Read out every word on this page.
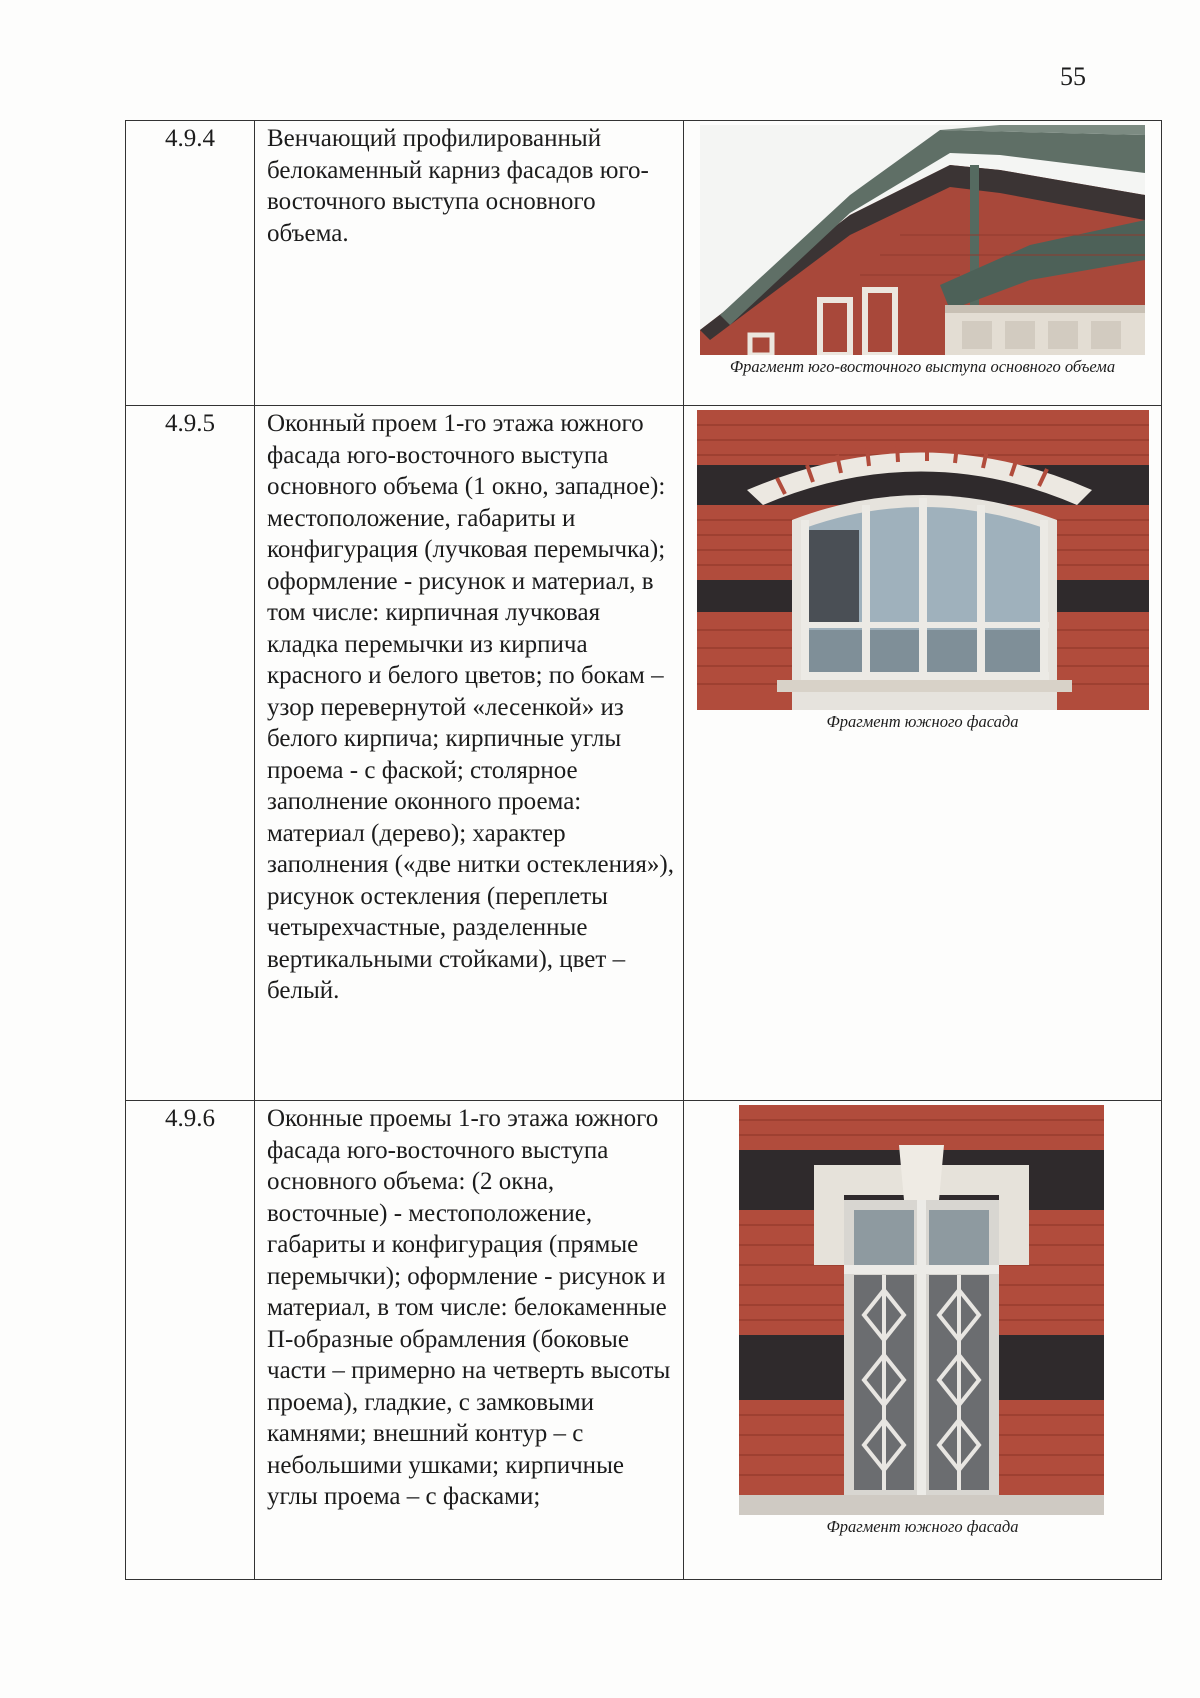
55
4.9.4	Венчающий профилированный белокаменный карниз фасадов юго-восточного выступа основного объема.	Фрагмент юго-восточного выступа основного объема

4.9.5	Оконный проем 1-го этажа южного фасада юго-восточного выступа основного объема (1 окно, западное): местоположение, габариты и конфигурация (лучковая перемычка); оформление - рисунок и материал, в том числе: кирпичная лучковая кладка перемычки из кирпича красного и белого цветов; по бокам – узор перевернутой «лесенкой» из белого кирпича; кирпичные углы проема - с фаской; столярное заполнение оконного проема: материал (дерево); характер заполнения («две нитки остекления»), рисунок остекления (переплеты четырехчастные, разделенные вертикальными стойками), цвет – белый.	Фрагмент южного фасада

4.9.6	Оконные проемы 1-го этажа южного фасада юго-восточного выступа основного объема: (2 окна, восточные) - местоположение, габариты и конфигурация (прямые перемычки); оформление - рисунок и материал, в том числе: белокаменные П-образные обрамления (боковые части – примерно на четверть высоты проема), гладкие, с замковыми камнями; внешний контур – с небольшими ушками; кирпичные углы проема – с фасками;	Фрагмент южного фасада
